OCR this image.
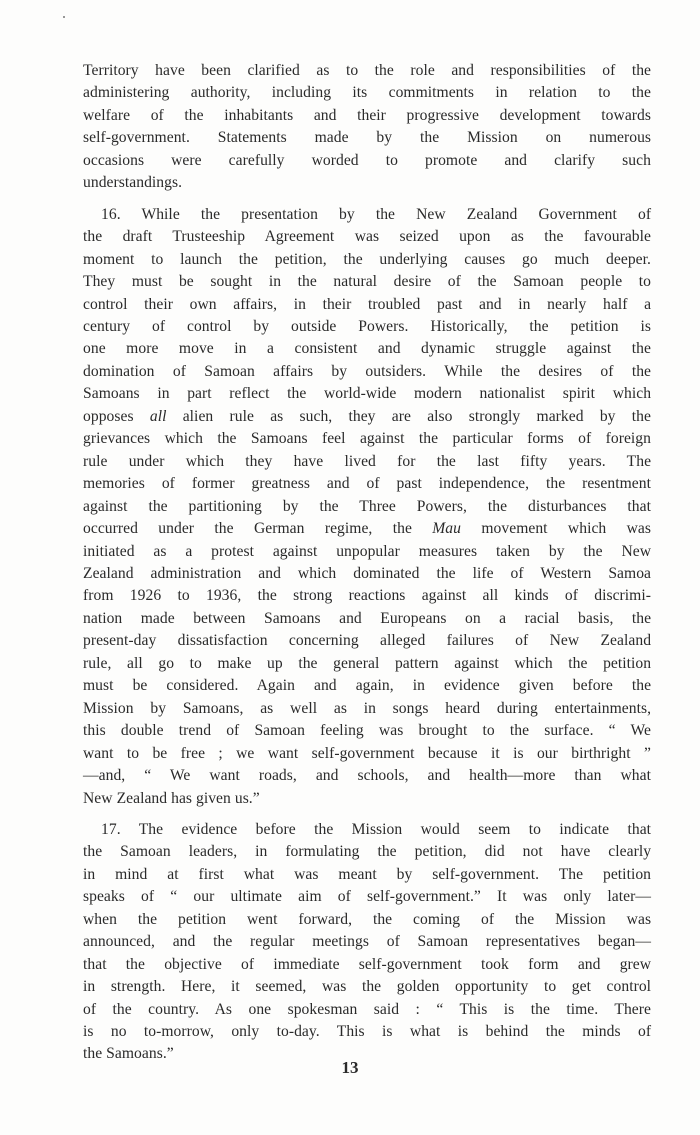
Territory have been clarified as to the role and responsibilities of the

administering authority, including its commitments in relation to the

welfare of the inhabitants and their progressive development towards

self-government. Statements made by the Mission on numerous

occasions were carefully worded to promote and clarify such

understandings.

16. While the presentation by the New Zealand Government of

the draft Trusteeship Agreement was seized upon as the favourable

moment to launch the petition, the underlying causes go much deeper.

They must be sought in the natural desire of the Samoan people to

control their own affairs, in their troubled past and in nearly half a

century of control by outside Powers. Historically, the petition is

one more move in a consistent and dynamic struggle against the

domination of Samoan affairs by outsiders. While the desires of the

Samoans in part reflect the world-wide modern nationalist spirit which

opposes all alien rule as such, they are also strongly marked by the

grievances which the Samoans feel against the particular forms of foreign

rule under which they have lived for the last fifty years. The

memories of former greatness and of past independence, the resentment

against the partitioning by the Three Powers, the disturbances that

occurred under the German regime, the Mau movement which was

initiated as a protest against unpopular measures taken by the New

Zealand administration and which dominated the life of Western Samoa

from 1926 to 1936, the strong reactions against all kinds of discrimi-

nation made between Samoans and Europeans on a racial basis, the

present-day dissatisfaction concerning alleged failures of New Zealand

rule, all go to make up the general pattern against which the petition

must be considered. Again and again, in evidence given before the

Mission by Samoans, as well as in songs heard during entertainments,

this double trend of Samoan feeling was brought to the surface. “ We

want to be free ; we want self-government because it is our birthright ”

—and, “ We want roads, and schools, and health—more than what

New Zealand has given us.”

17. The evidence before the Mission would seem to indicate that

the Samoan leaders, in formulating the petition, did not have clearly

in mind at first what was meant by self-government. The petition

speaks of “ our ultimate aim of self-government.” It was only later—

when the petition went forward, the coming of the Mission was

announced, and the regular meetings of Samoan representatives began—

that the objective of immediate self-government took form and grew

in strength. Here, it seemed, was the golden opportunity to get control

of the country. As one spokesman said : “ This is the time. There

is no to-morrow, only to-day. This is what is behind the minds of

the Samoans.”

13
